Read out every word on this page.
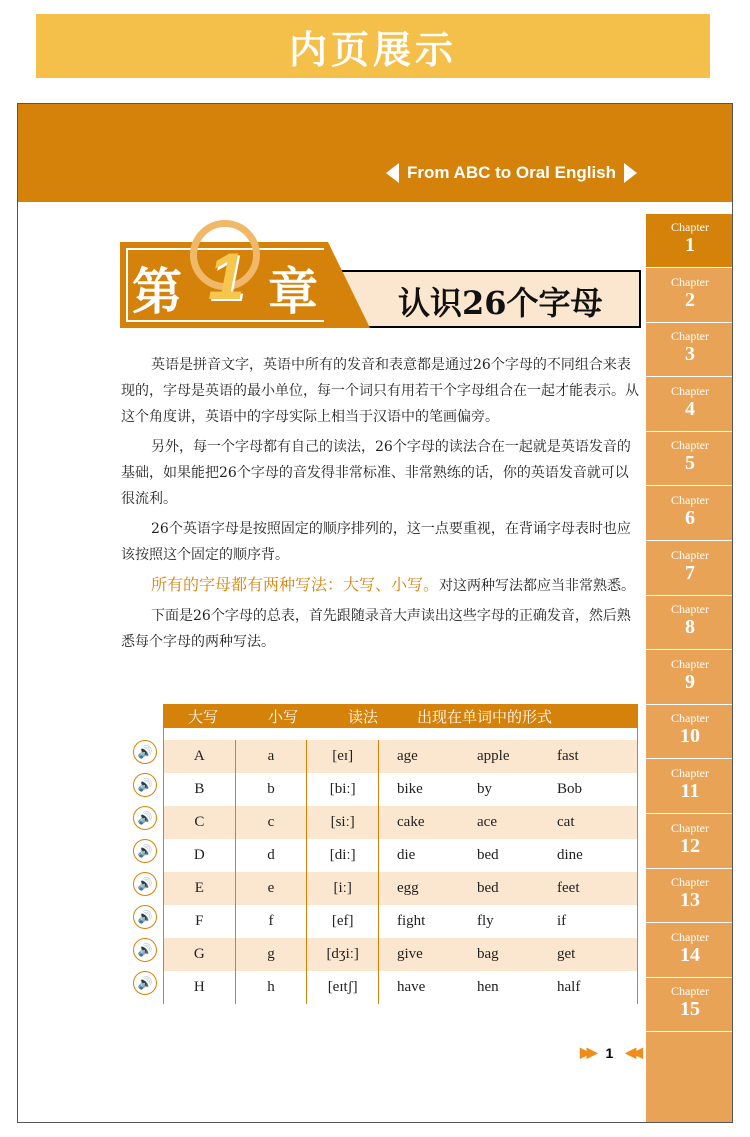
内页展示
From ABC to Oral English
Chapter
1
Chapter
2
Chapter
3
Chapter
4
Chapter
5
Chapter
6
Chapter
7
Chapter
8
Chapter
9
Chapter
10
Chapter
11
Chapter
12
Chapter
13
Chapter
14
Chapter
15
第 1 章	认识26个字母

英语是拼音文字，英语中所有的发音和表意都是通过26个字母的不同组合来表现的，字母是英语的最小单位，每一个词只有用若干个字母组合在一起才能表示。从这个角度讲，英语中的字母实际上相当于汉语中的笔画偏旁。

另外，每一个字母都有自己的读法，26个字母的读法合在一起就是英语发音的基础，如果能把26个字母的音发得非常标准、非常熟练的话，你的英语发音就可以很流利。

26个英语字母是按照固定的顺序排列的，这一点要重视，在背诵字母表时也应该按照这个固定的顺序背。

所有的字母都有两种写法：大写、小写。对这两种写法都应当非常熟悉。

下面是26个字母的总表，首先跟随录音大声读出这些字母的正确发音，然后熟悉每个字母的两种写法。

🔊
🔊
🔊
🔊
🔊
🔊
🔊
🔊
大写	小写	读法	出现在单词中的形式
A	a	[eɪ]	age	apple	fast
B	b	[biː]	bike	by	Bob
C	c	[siː]	cake	ace	cat
D	d	[diː]	die	bed	dine
E	e	[iː]	egg	bed	feet
F	f	[ef]	fight	fly	if
G	g	[dʒiː]	give	bag	get
H	h	[eɪtʃ]	have	hen	half
▶▶ 1 ◀◀
